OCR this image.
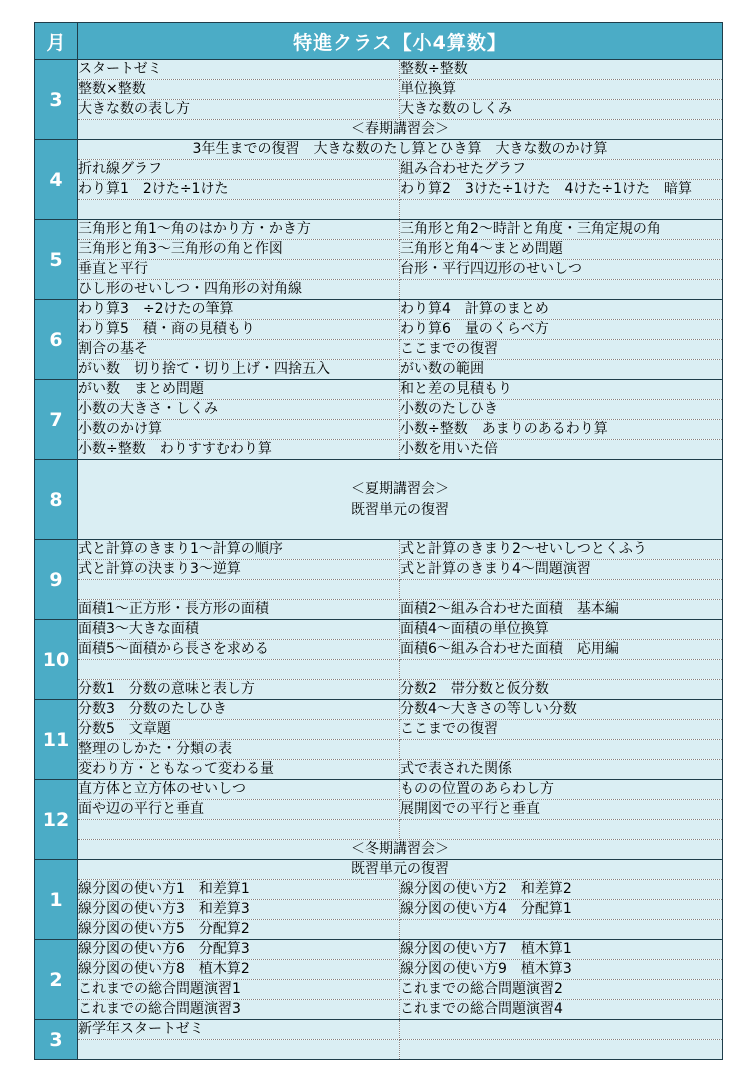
月	特進クラス【小4算数】	
3	スタートゼミ	整数÷整数
	整数×整数	単位換算
	大きな数の表し方	大きな数のしくみ
	＜春期講習会＞	
4	3年生までの復習　大きな数のたし算とひき算　大きな数のかけ算	
	折れ線グラフ	組み合わせたグラフ
	わり算1　2けた÷1けた	わり算2　3けた÷1けた　4けた÷1けた　暗算

5	三角形と角1～角のはかり方・かき方	三角形と角2～時計と角度・三角定規の角
	三角形と角3～三角形の角と作図	三角形と角4～まとめ問題
	垂直と平行	台形・平行四辺形のせいしつ
	ひし形のせいしつ・四角形の対角線	
6	わり算3　÷2けたの筆算	わり算4　計算のまとめ
	わり算5　積・商の見積もり	わり算6　量のくらべ方
	割合の基そ	ここまでの復習
	がい数　切り捨て・切り上げ・四捨五入	がい数の範囲
7	がい数　まとめ問題	和と差の見積もり
	小数の大きさ・しくみ	小数のたしひき
	小数のかけ算	小数÷整数　あまりのあるわり算
	小数÷整数　わりすすむわり算	小数を用いた倍
8	＜夏期講習会＞
既習単元の復習	

9	式と計算のきまり1～計算の順序	式と計算のきまり2～せいしつとくふう
	式と計算の決まり3～逆算	式と計算のきまり4～問題演習

	面積1～正方形・長方形の面積	面積2～組み合わせた面積　基本編
10	面積3～大きな面積	面積4～面積の単位換算
	面積5～面積から長さを求める	面積6～組み合わせた面積　応用編

	分数1　分数の意味と表し方	分数2　帯分数と仮分数
11	分数3　分数のたしひき	分数4～大きさの等しい分数
	分数5　文章題	ここまでの復習
	整理のしかた・分類の表	
	変わり方・ともなって変わる量	式で表された関係
12	直方体と立方体のせいしつ	ものの位置のあらわし方
	面や辺の平行と垂直	展開図での平行と垂直

	＜冬期講習会＞	
1	既習単元の復習	
	線分図の使い方1　和差算1	線分図の使い方2　和差算2
	線分図の使い方3　和差算3	線分図の使い方4　分配算1
	線分図の使い方5　分配算2	
2	線分図の使い方6　分配算3	線分図の使い方7　植木算1
	線分図の使い方8　植木算2	線分図の使い方9　植木算3
	これまでの総合問題演習1	これまでの総合問題演習2
	これまでの総合問題演習3	これまでの総合問題演習4
3	新学年スタートゼミ	
